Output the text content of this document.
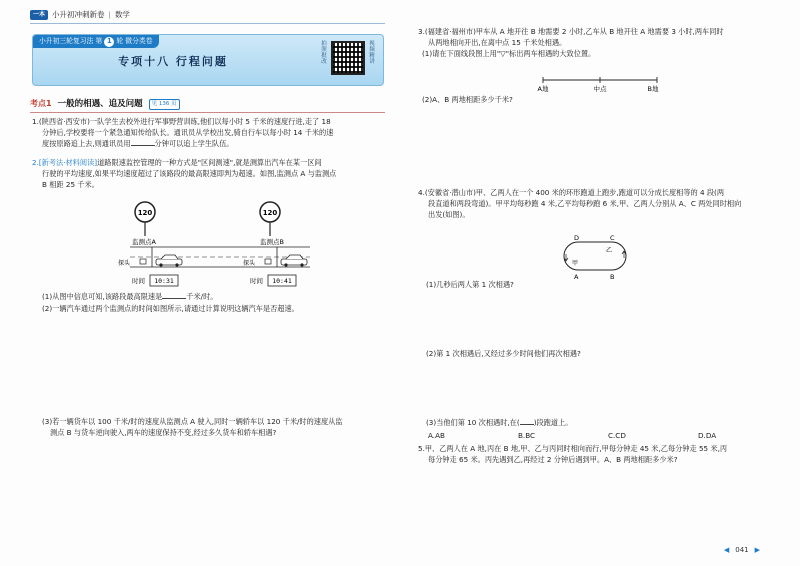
一本 小升初冲刺新卷 | 数学
小升初三轮复习法 第 1 轮 微分类卷
专项十八 行程问题
拍照批改
视频精讲
考点1 一般的相遇、追及问题	见 136 页
1.(陕西省·西安市)一队学生去校外进行军事野营训练,他们以每小时 5 千米的速度行进,走了 18
分钟后,学校要将一个紧急通知传给队长。通讯员从学校出发,骑自行车以每小时 14 千米的速
度按原路追上去,则通讯员用	分钟可以追上学生队伍。
2.[新考法·材料阅读]道路限速监控管理的一种方式是"区间测速",就是测算出汽车在某一区间
行驶的平均速度,如果平均速度超过了该路段的最高限速即判为超速。如图,监测点 A 与监测点
B 相距 25 千米。
120	120
监测点A	监测点B
探头	探头
时间 10:31	时间 10:41
(1)从图中信息可知,该路段最高限速是	千米/时。
(2)一辆汽车通过两个监测点的时间如图所示,请通过计算说明这辆汽车是否超速。
(3)若一辆货车以 100 千米/时的速度从监测点 A 驶入,同时一辆轿车以 120 千米/时的速度从监
测点 B 与货车逆向驶入,两车的速度保持不变,经过多久货车和轿车相遇?
3.(福建省·福州市)甲车从 A 地开往 B 地需要 2 小时,乙车从 B 地开往 A 地需要 3 小时,两车同时
从两地相向开出,在离中点 15 千米处相遇。
(1)请在下面线段图上用"▽"标出两车相遇的大致位置。
A地	中点	B地
(2)A、B 两地相距多少千米?
4.(安徽省·潜山市)甲、乙两人在一个 400 米的环形跑道上跑步,跑道可以分成长度相等的 4 段(两
段直道和两段弯道)。甲平均每秒跑 4 米,乙平均每秒跑 6 米,甲、乙两人分别从 A、C 两处同时相向
出发(如图)。
D	C
A	B
甲
乙
(1)几秒后两人第 1 次相遇?
(2)第 1 次相遇后,又经过多少时间他们再次相遇?
(3)当他们第 10 次相遇时,在( )段跑道上。
A.AB	B.BC	C.CD	D.DA
5.甲、乙两人在 A 地,丙在 B 地,甲、乙与丙同时相向而行,甲每分钟走 45 米,乙每分钟走 55 米,丙
每分钟走 65 米。丙先遇到乙,再经过 2 分钟后遇到甲。A、B 两地相距多少米?
◀ 041 ▶
